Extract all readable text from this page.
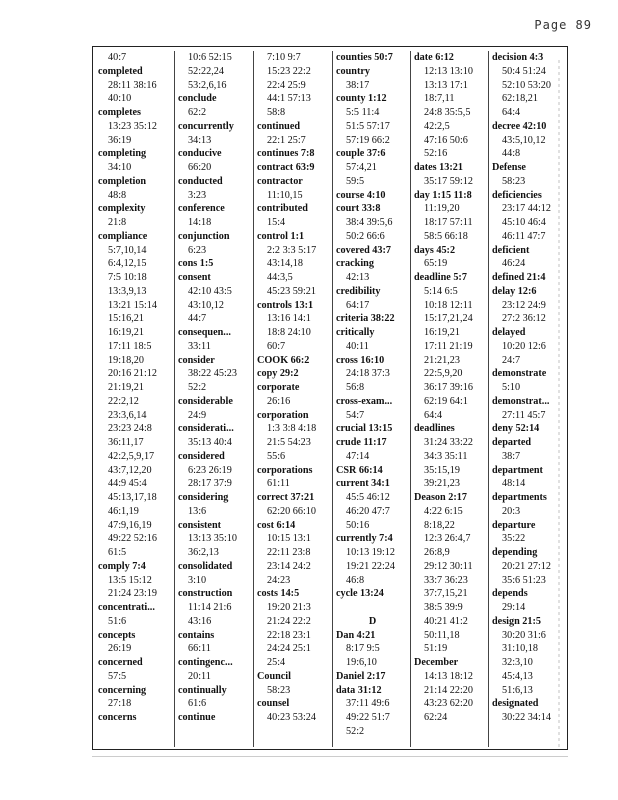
Page 89
40:7
completed
28:11 38:16
40:10
completes
13:23 35:12
36:19
completing
34:10
completion
48:8
complexity
21:8
compliance
5:7,10,14
6:4,12,15
7:5 10:18
13:3,9,13
13:21 15:14
15:16,21
16:19,21
17:11 18:5
19:18,20
20:16 21:12
21:19,21
22:2,12
23:3,6,14
23:23 24:8
36:11,17
42:2,5,9,17
43:7,12,20
44:9 45:4
45:13,17,18
46:1,19
47:9,16,19
49:22 52:16
61:5
comply 7:4
13:5 15:12
21:24 23:19
concentrati...
51:6
concepts
26:19
concerned
57:5
concerning
27:18
concerns
10:6 52:15
52:22,24
53:2,6,16
conclude
62:2
concurrently
34:13
conducive
66:20
conducted
3:23
conference
14:18
conjunction
6:23
cons 1:5
consent
42:10 43:5
43:10,12
44:7
consequen...
33:11
consider
38:22 45:23
52:2
considerable
24:9
considerati...
35:13 40:4
considered
6:23 26:19
28:17 37:9
considering
13:6
consistent
13:13 35:10
36:2,13
consolidated
3:10
construction
11:14 21:6
43:16
contains
66:11
contingenc...
20:11
continually
61:6
continue
7:10 9:7
15:23 22:2
22:4 25:9
44:1 57:13
58:8
continued
22:1 25:7
continues 7:8
contract 63:9
contractor
11:10,15
contributed
15:4
control 1:1
2:2 3:3 5:17
43:14,18
44:3,5
45:23 59:21
controls 13:1
13:16 14:1
18:8 24:10
60:7
COOK 66:2
copy 29:2
corporate
26:16
corporation
1:3 3:8 4:18
21:5 54:23
55:6
corporations
61:11
correct 37:21
62:20 66:10
cost 6:14
10:15 13:1
22:11 23:8
23:14 24:2
24:23
costs 14:5
19:20 21:3
21:24 22:2
22:18 23:1
24:24 25:1
25:4
Council
58:23
counsel
40:23 53:24
counties 50:7
country
38:17
county 1:12
5:5 11:4
51:5 57:17
57:19 66:2
couple 37:6
57:4,21
59:5
course 4:10
court 33:8
38:4 39:5,6
50:2 66:6
covered 43:7
cracking
42:13
credibility
64:17
criteria 38:22
critically
40:11
cross 16:10
24:18 37:3
56:8
cross-exam...
54:7
crucial 13:15
crude 11:17
47:14
CSR 66:14
current 34:1
45:5 46:12
46:20 47:7
50:16
currently 7:4
10:13 19:12
19:21 22:24
46:8
cycle 13:24
D
Dan 4:21
8:17 9:5
19:6,10
Daniel 2:17
data 31:12
37:11 49:6
49:22 51:7
52:2
date 6:12
12:13 13:10
13:13 17:1
18:7,11
24:8 35:5,5
42:2,5
47:16 50:6
52:16
dates 13:21
35:17 59:12
day 1:15 11:8
11:19,20
18:17 57:11
58:5 66:18
days 45:2
65:19
deadline 5:7
5:14 6:5
10:18 12:11
15:17,21,24
16:19,21
17:11 21:19
21:21,23
22:5,9,20
36:17 39:16
62:19 64:1
64:4
deadlines
31:24 33:22
34:3 35:11
35:15,19
39:21,23
Deason 2:17
4:22 6:15
8:18,22
12:3 26:4,7
26:8,9
29:12 30:11
33:7 36:23
37:7,15,21
38:5 39:9
40:21 41:2
50:11,18
51:19
December
14:13 18:12
21:14 22:20
43:23 62:20
62:24
decision 4:3
50:4 51:24
52:10 53:20
62:18,21
64:4
decree 42:10
43:5,10,12
44:8
Defense
58:23
deficiencies
23:17 44:12
45:10 46:4
46:11 47:7
deficient
46:24
defined 21:4
delay 12:6
23:12 24:9
27:2 36:12
delayed
10:20 12:6
24:7
demonstrate
5:10
demonstrat...
27:11 45:7
deny 52:14
departed
38:7
department
48:14
departments
20:3
departure
35:22
depending
20:21 27:12
35:6 51:23
depends
29:14
design 21:5
30:20 31:6
31:10,18
32:3,10
45:4,13
51:6,13
designated
30:22 34:14
